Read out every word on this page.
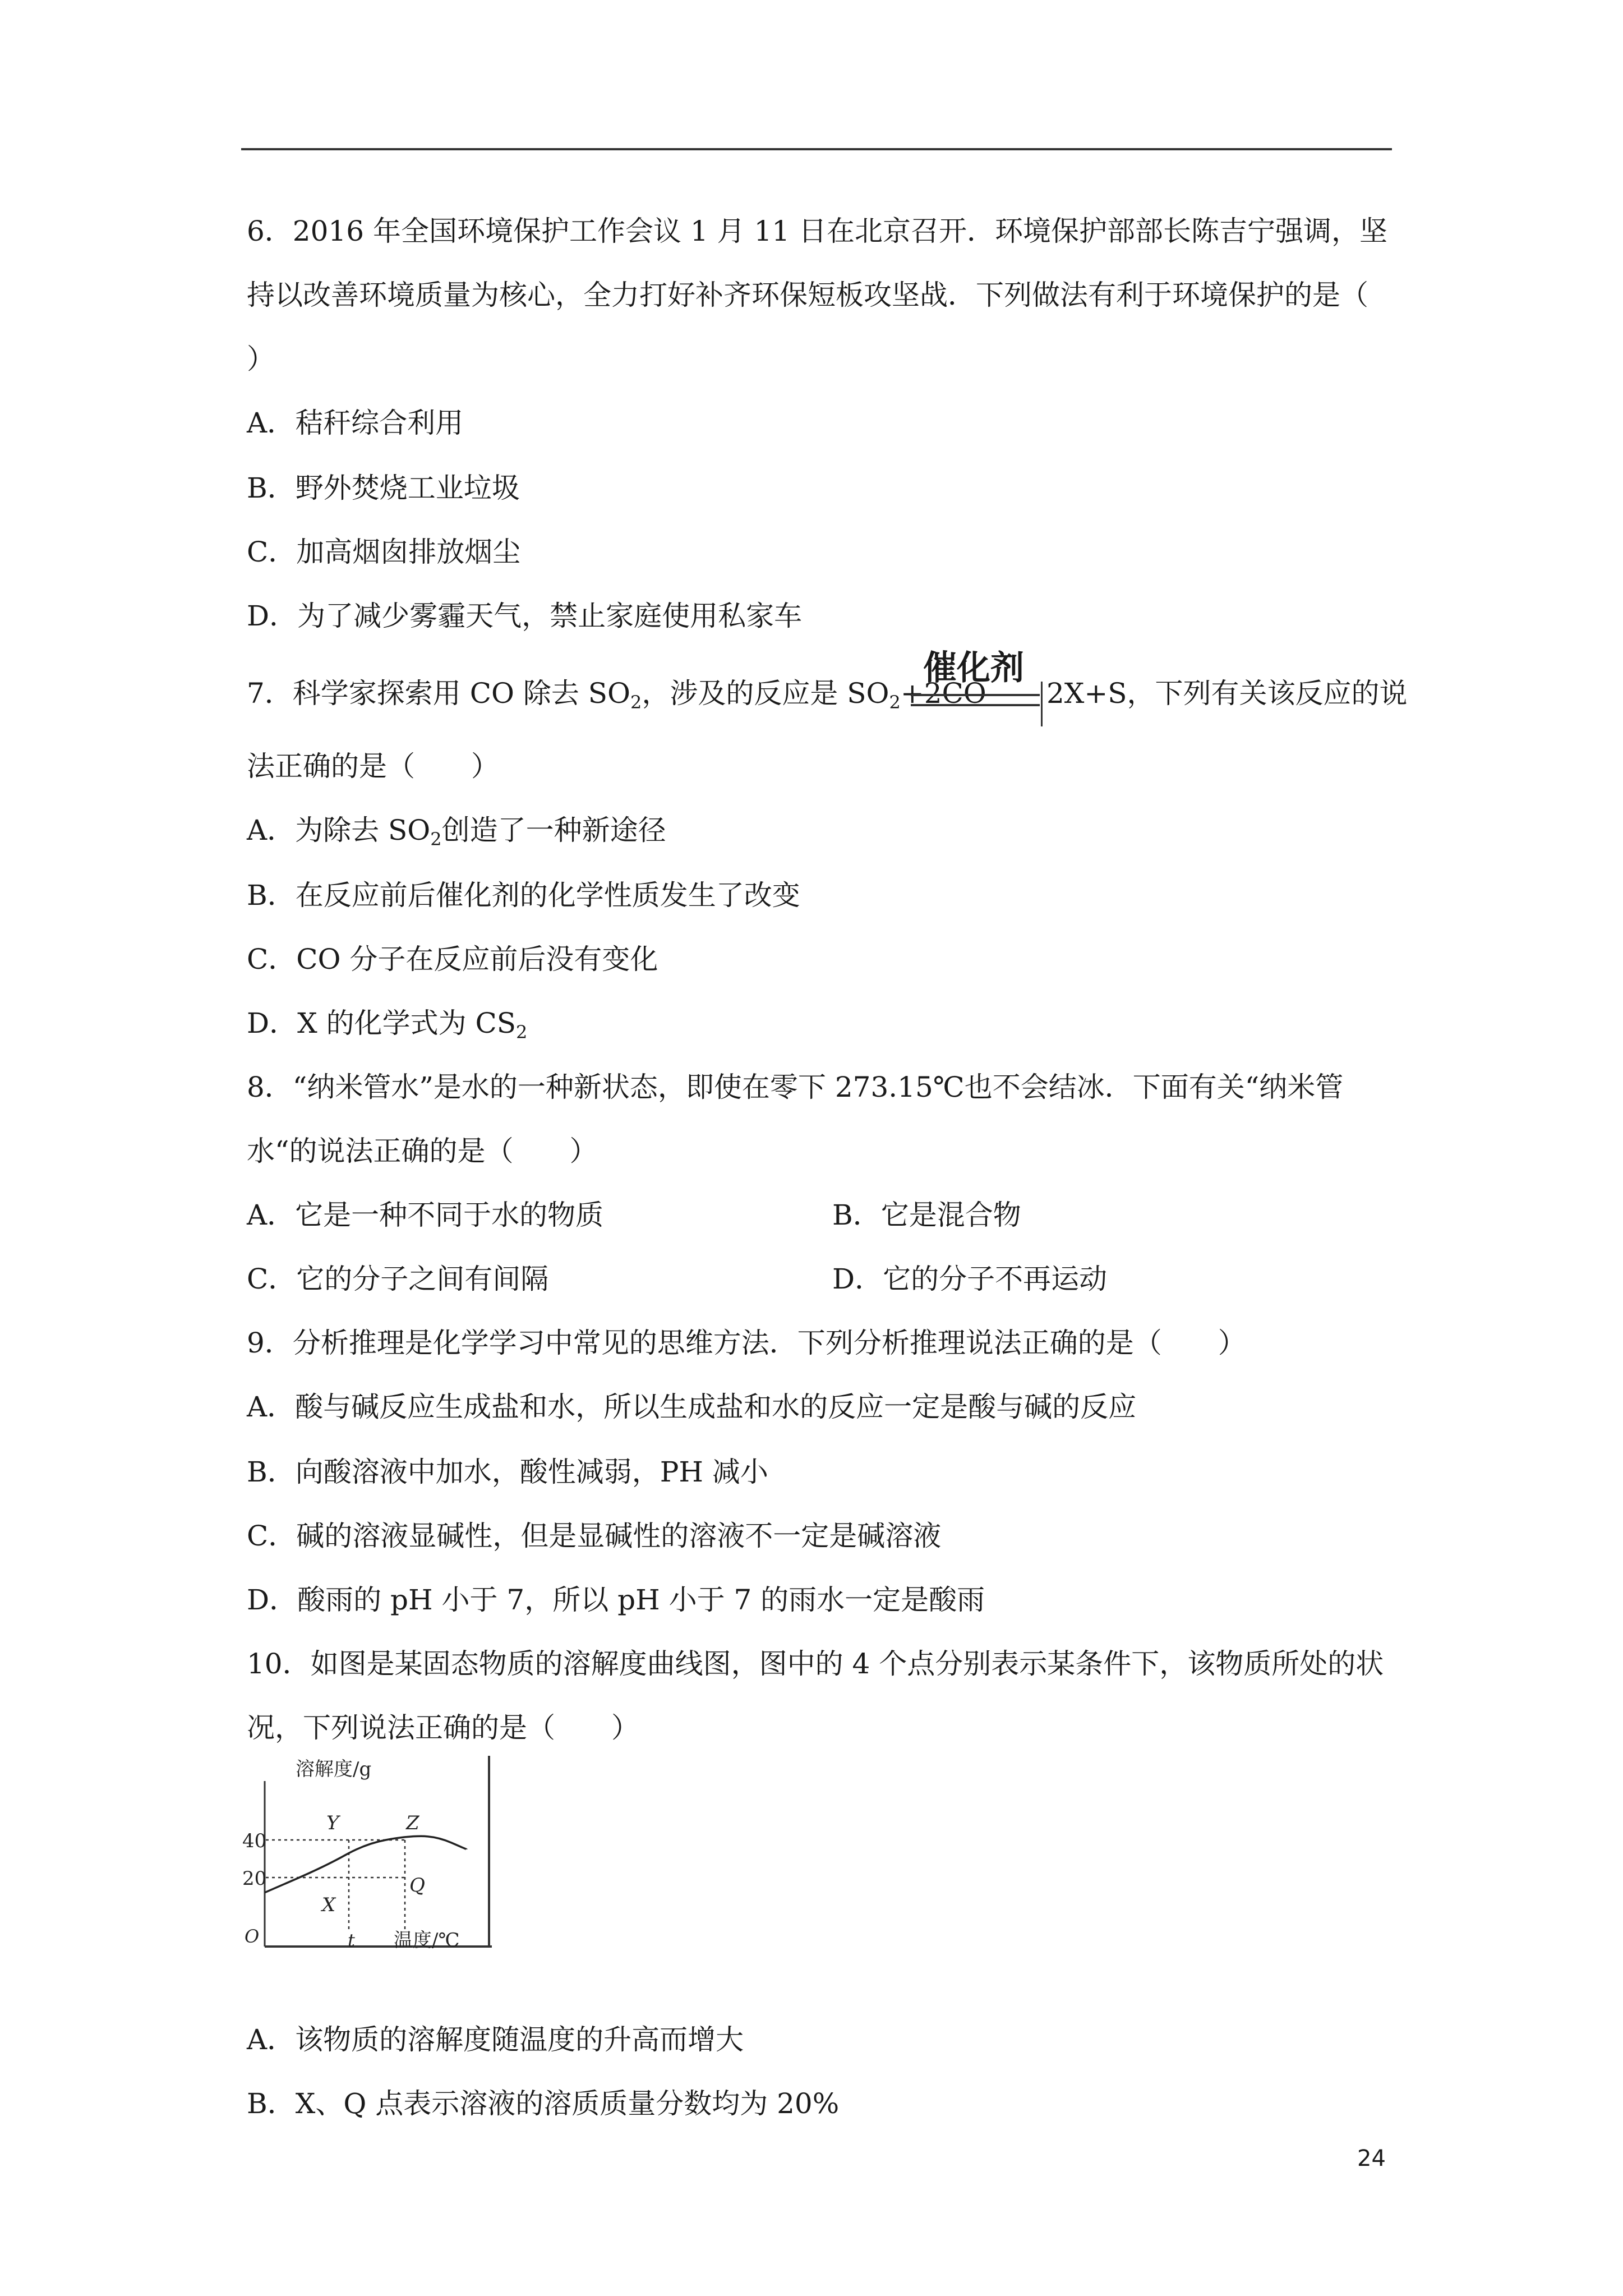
6．2016 年全国环境保护工作会议 1 月 11 日在北京召开．环境保护部部长陈吉宁强调，坚
持以改善环境质量为核心，全力打好补齐环保短板攻坚战．下列做法有利于环境保护的是（
）
A．秸秆综合利用
B．野外焚烧工业垃圾
C．加高烟囱排放烟尘
D．为了减少雾霾天气，禁止家庭使用私家车
7．科学家探索用 CO 除去 $SO_2$，涉及的反应是 $SO_2+2CO$
催化剂
2X+S，下列有关该反应的说
法正确的是（　　）
A．为除去 $SO_2$创造了一种新途径
B．在反应前后催化剂的化学性质发生了改变
C．CO 分子在反应前后没有变化
D．X 的化学式为 $CS_2$
8．“纳米管水”是水的一种新状态，即使在零下 273.15℃也不会结冰．下面有关“纳米管
水“的说法正确的是（　　）
A．它是一种不同于水的物质	B．它是混合物
C．它的分子之间有间隔	D．它的分子不再运动
9．分析推理是化学学习中常见的思维方法．下列分析推理说法正确的是（　　）
A．酸与碱反应生成盐和水，所以生成盐和水的反应一定是酸与碱的反应
B．向酸溶液中加水，酸性减弱，PH 减小
C．碱的溶液显碱性，但是显碱性的溶液不一定是碱溶液
D．酸雨的 pH 小于 7，所以 pH 小于 7 的雨水一定是酸雨
10．如图是某固态物质的溶解度曲线图，图中的 4 个点分别表示某条件下，该物质所处的状
况，下列说法正确的是（　　）
溶解度/g
温度/℃
40
20
O	t
Y	Z
X
Q
A．该物质的溶解度随温度的升高而增大
B．X、Q 点表示溶液的溶质质量分数均为 20%
24
